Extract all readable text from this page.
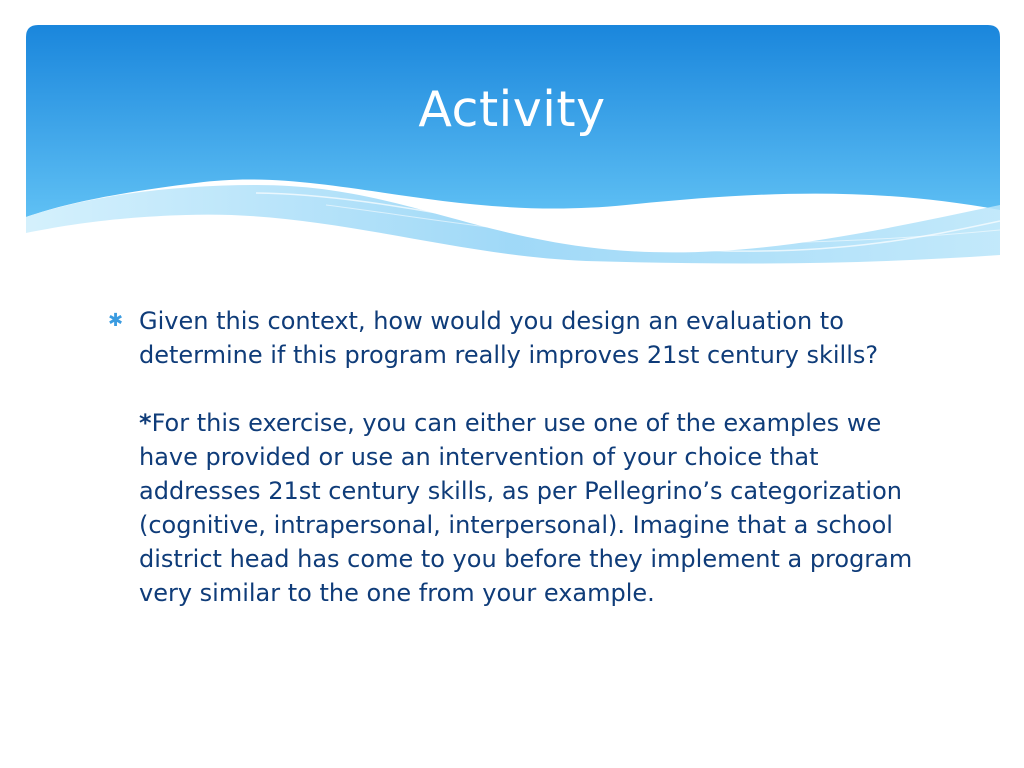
Activity
✱ Given this context, how would you design an evaluation to determine if this program really improves 21st century skills?

*For this exercise, you can either use one of the examples we have provided or use an intervention of your choice that addresses 21st century skills, as per Pellegrino’s categorization (cognitive, intrapersonal, interpersonal). Imagine that a school district head has come to you before they implement a program very similar to the one from your example.
